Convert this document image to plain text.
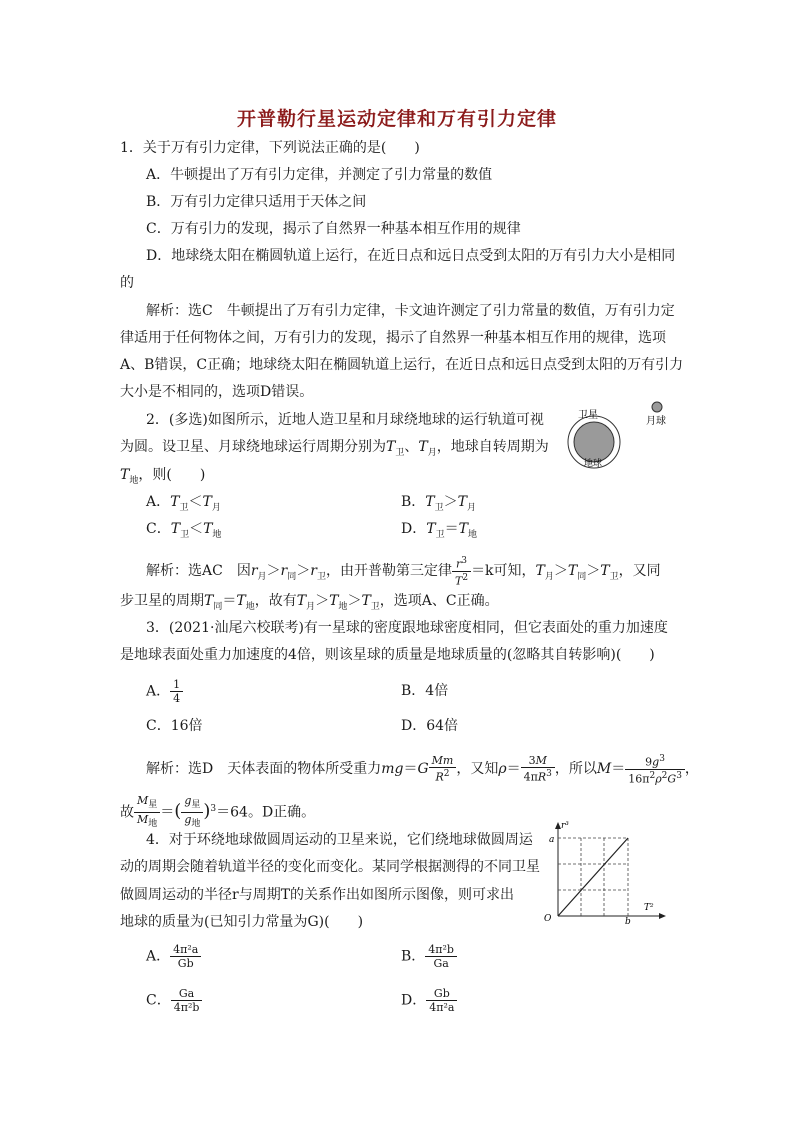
开普勒行星运动定律和万有引力定律
1．关于万有引力定律，下列说法正确的是(　　)
A．牛顿提出了万有引力定律，并测定了引力常量的数值
B．万有引力定律只适用于天体之间
C．万有引力的发现，揭示了自然界一种基本相互作用的规律
D．地球绕太阳在椭圆轨道上运行，在近日点和远日点受到太阳的万有引力大小是相同
的
解析：选C　牛顿提出了万有引力定律，卡文迪许测定了引力常量的数值，万有引力定
律适用于任何物体之间，万有引力的发现，揭示了自然界一种基本相互作用的规律，选项
A、B错误，C正确；地球绕太阳在椭圆轨道上运行，在近日点和远日点受到太阳的万有引力
大小是不相同的，选项D错误。
2．(多选)如图所示，近地人造卫星和月球绕地球的运行轨道可视
为圆。设卫星、月球绕地球运行周期分别为$T_卫$、$T_月$，地球自转周期为
$T_地$，则(　　)
卫星
月球
地球
A．$T_卫<T_月$	B．$T_卫>T_月$
C．$T_卫<T_地$	D．$T_卫=T_地$
解析：选AC　因$r_月>r_同>r_卫$，由开普勒第三定律 $\frac{r^3}{T^2} =k$可知，$T_月>T_同>T_卫$，又同
步卫星的周期$T_同=T_地$，故有$T_月>T_地>T_卫$，选项A、C正确。
3．(2021·汕尾六校联考)有一星球的密度跟地球密度相同，但它表面处的重力加速度
是地球表面处重力加速度的4倍，则该星球的质量是地球质量的(忽略其自转影响)(　　)
A． $\frac{1}{4}$	B．4倍
C．16倍	D．64倍
解析：选D　天体表面的物体所受重力$mg=G \frac{Mm}{R^2}$ ，又知$\rho= \frac{3M}{4\pi R^3}$ ，所以$M= \frac{9g^3}{16\pi^2\rho^2G^3}$ ，
故 $\frac{M_星}{M_地}$ ＝( $\frac{g_星}{g_地} )^3=64$。D正确。
4．对于环绕地球做圆周运动的卫星来说，它们绕地球做圆周运
动的周期会随着轨道半径的变化而变化。某同学根据测得的不同卫星
做圆周运动的半径r与周期T的关系作出如图所示图像，则可求出
地球的质量为(已知引力常量为G)(　　)
r³
T²
a
b
O
A． $\frac{\text{4π²a}}{Gb}$	B． $\frac{\text{4π²b}}{Ga}$
C． $\frac{Ga}{\text{4π²b}}$	D． $\frac{Gb}{\text{4π²a}}$
